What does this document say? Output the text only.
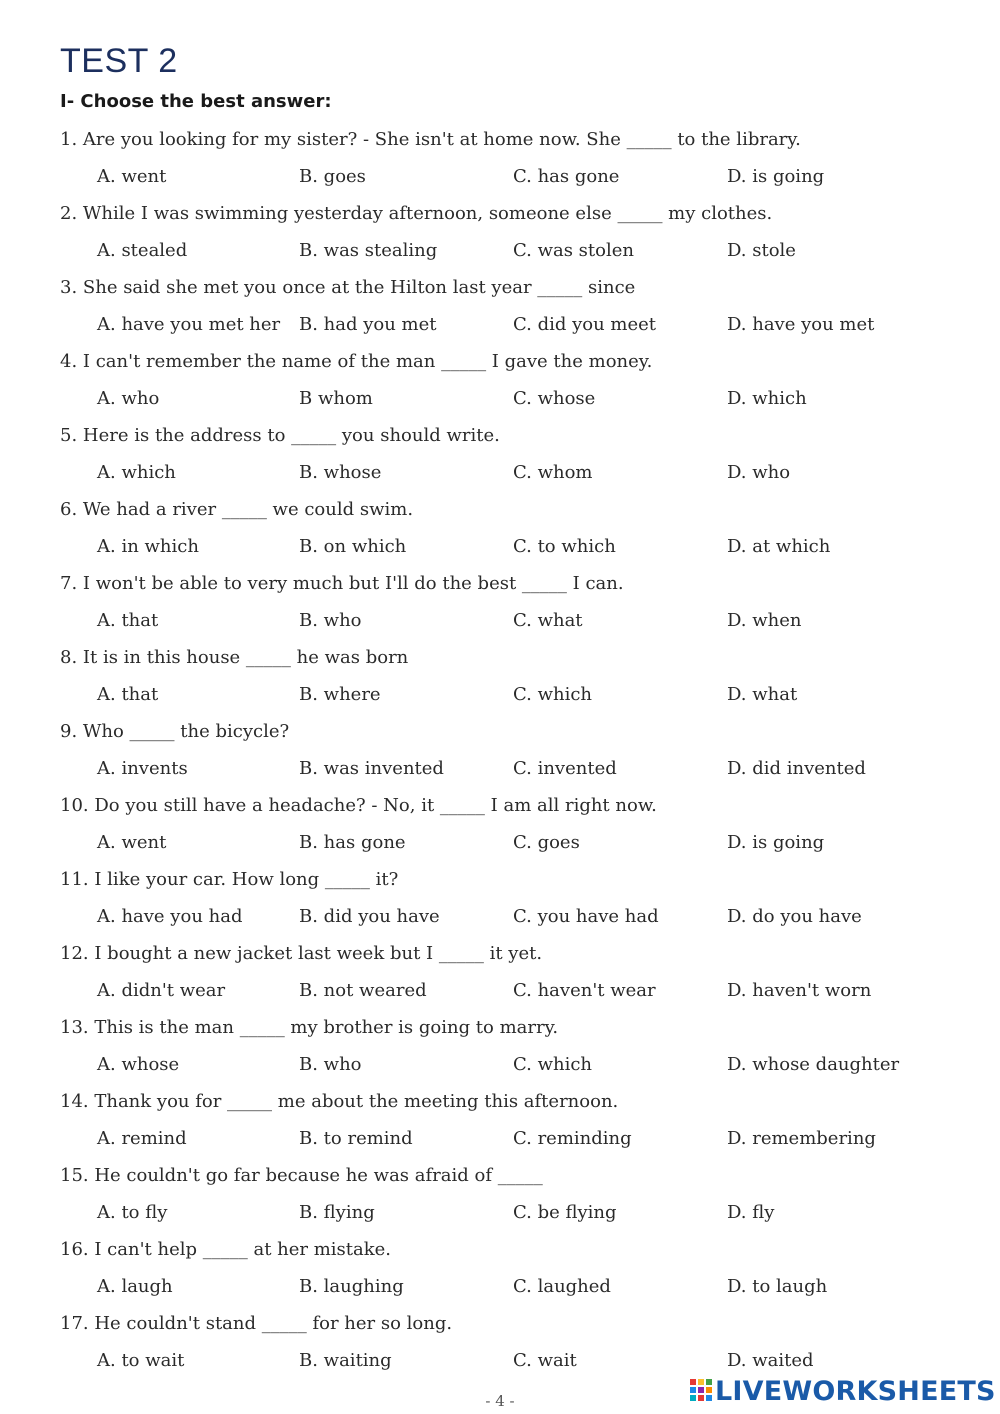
TEST 2
I- Choose the best answer:
1. Are you looking for my sister? - She isn't at home now. She _____ to the library.
A. went	B. goes	C. has gone	D. is going
2. While I was swimming yesterday afternoon, someone else _____ my clothes.
A. stealed	B. was stealing	C. was stolen	D. stole
3. She said she met you once at the Hilton last year _____ since
A. have you met her B. had you met	C. did you meet	D. have you met
4. I can't remember the name of the man _____ I gave the money.
A. who	B whom	C. whose	D. which
5. Here is the address to _____ you should write.
A. which	B. whose	C. whom	D. who
6. We had a river _____ we could swim.
A. in which	B. on which	C. to which	D. at which
7. I won't be able to very much but I'll do the best _____ I can.
A. that	B. who	C. what	D. when
8. It is in this house _____ he was born
A. that	B. where	C. which	D. what
9. Who _____ the bicycle?
A. invents	B. was invented	C. invented	D. did invented
10. Do you still have a headache? - No, it _____ I am all right now.
A. went	B. has gone	C. goes	D. is going
11. I like your car. How long _____ it?
A. have you had	B. did you have	C. you have had	D. do you have
12. I bought a new jacket last week but I _____ it yet.
A. didn't wear	B. not weared	C. haven't wear	D. haven't worn
13. This is the man _____ my brother is going to marry.
A. whose	B. who	C. which	D. whose daughter
14. Thank you for _____ me about the meeting this afternoon.
A. remind	B. to remind	C. reminding	D. remembering
15. He couldn't go far because he was afraid of _____
A. to fly	B. flying	C. be flying	D. fly
16. I can't help _____ at her mistake.
A. laugh	B. laughing	C. laughed	D. to laugh
17. He couldn't stand _____ for her so long.
A. to wait	B. waiting	C. wait	D. waited
- 4 -	LIVEWORKSHEETS
